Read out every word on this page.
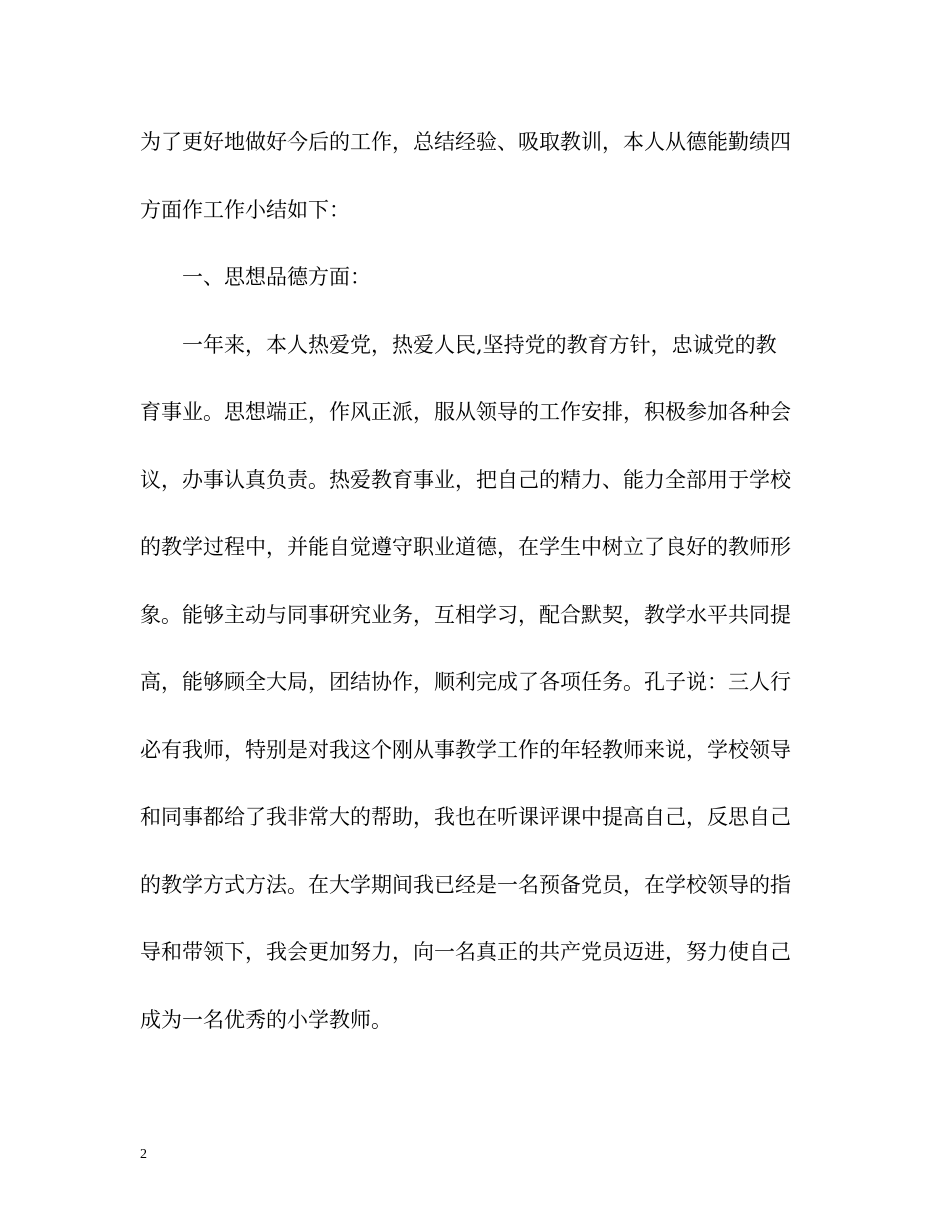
为了更好地做好今后的工作，总结经验、吸取教训，本人从德能勤绩四
方面作工作小结如下：
一、思想品德方面：
一年来，本人热爱党，热爱人民,坚持党的教育方针，忠诚党的教
育事业。思想端正，作风正派，服从领导的工作安排，积极参加各种会
议，办事认真负责。热爱教育事业，把自己的精力、能力全部用于学校
的教学过程中，并能自觉遵守职业道德，在学生中树立了良好的教师形
象。能够主动与同事研究业务，互相学习，配合默契，教学水平共同提
高，能够顾全大局，团结协作，顺利完成了各项任务。孔子说：三人行
必有我师，特别是对我这个刚从事教学工作的年轻教师来说，学校领导
和同事都给了我非常大的帮助，我也在听课评课中提高自己，反思自己
的教学方式方法。在大学期间我已经是一名预备党员，在学校领导的指
导和带领下，我会更加努力，向一名真正的共产党员迈进，努力使自己
成为一名优秀的小学教师。
2
